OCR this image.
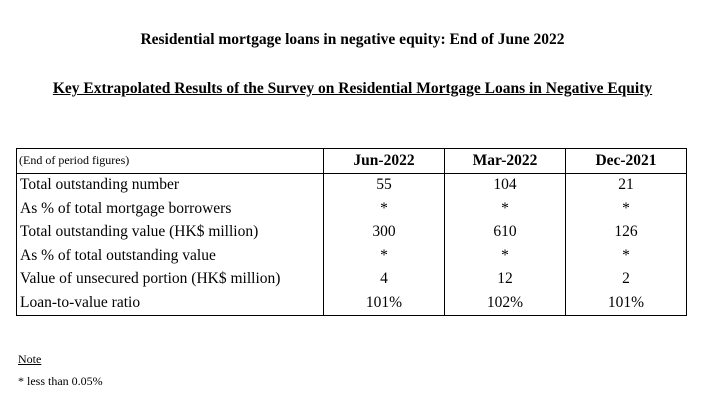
Residential mortgage loans in negative equity: End of June 2022
Key Extrapolated Results of the Survey on Residential Mortgage Loans in Negative Equity
(End of period figures)	Jun-2022	Mar-2022	Dec-2021
Total outstanding number	55	104	21
As % of total mortgage borrowers	*	*	*
Total outstanding value (HK$ million)	300	610	126
As % of total outstanding value	*	*	*
Value of unsecured portion (HK$ million)	4	12	2
Loan-to-value ratio	101%	102%	101%
Note
* less than 0.05%
